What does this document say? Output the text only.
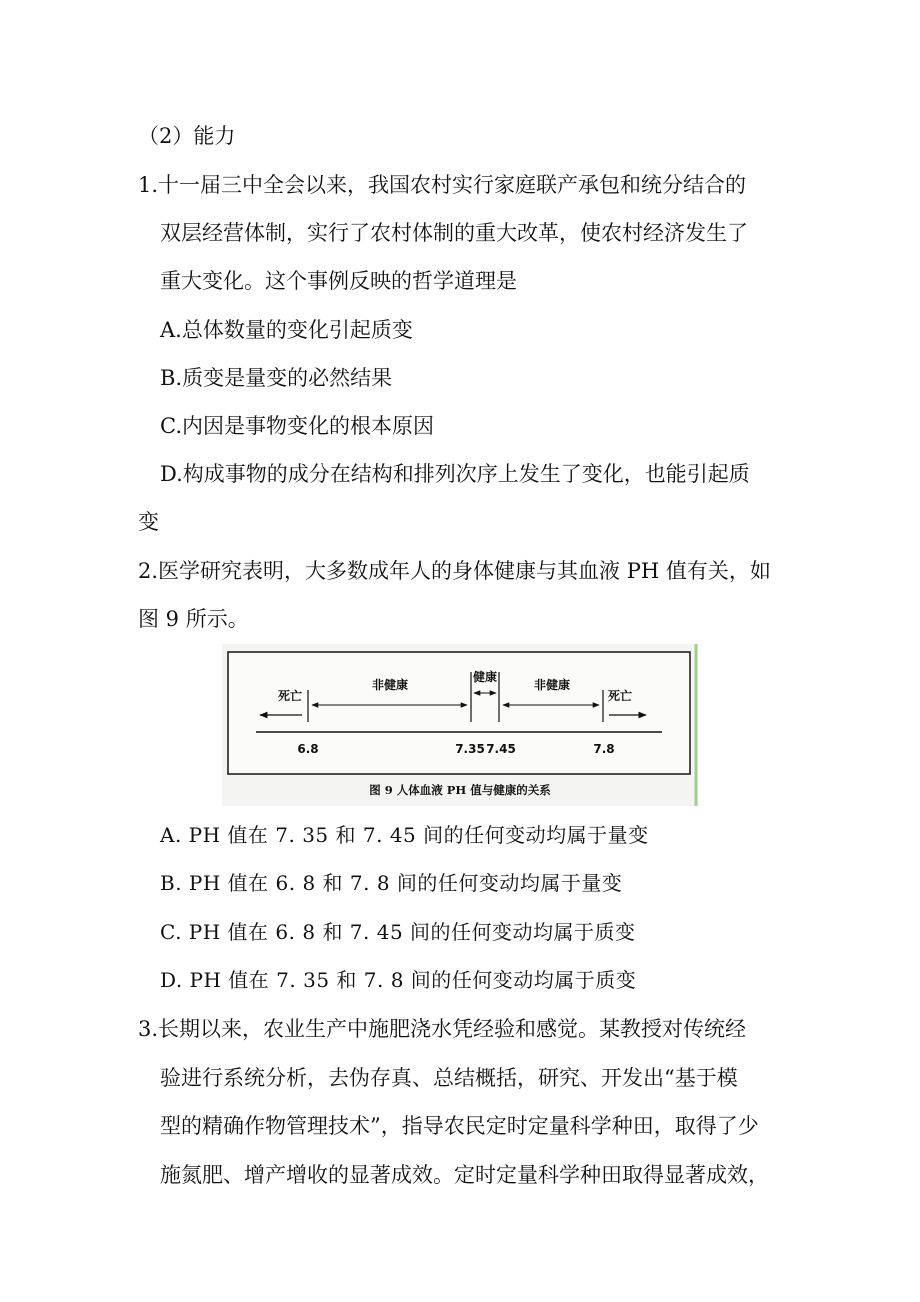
（2）能力
1.十一届三中全会以来，我国农村实行家庭联产承包和统分结合的
双层经营体制，实行了农村体制的重大改革，使农村经济发生了
重大变化。这个事例反映的哲学道理是
A.总体数量的变化引起质变
B.质变是量变的必然结果
C.内因是事物变化的根本原因
D.构成事物的成分在结构和排列次序上发生了变化，也能引起质
变
2.医学研究表明，大多数成年人的身体健康与其血液 PH 值有关，如
图 9 所示。
死亡
非健康
健康
非健康
死亡
6.8	7.35 7.45	7.8
图 9 人体血液 PH 值与健康的关系
A. PH 值在 7. 35 和 7. 45 间的任何变动均属于量变
B. PH 值在 6. 8 和 7. 8 间的任何变动均属于量变
C. PH 值在 6. 8 和 7. 45 间的任何变动均属于质变
D. PH 值在 7. 35 和 7. 8 间的任何变动均属于质变
3.长期以来，农业生产中施肥浇水凭经验和感觉。某教授对传统经
验进行系统分析，去伪存真、总结概括，研究、开发出“基于模
型的精确作物管理技术”，指导农民定时定量科学种田，取得了少
施氮肥、增产增收的显著成效。定时定量科学种田取得显著成效，
